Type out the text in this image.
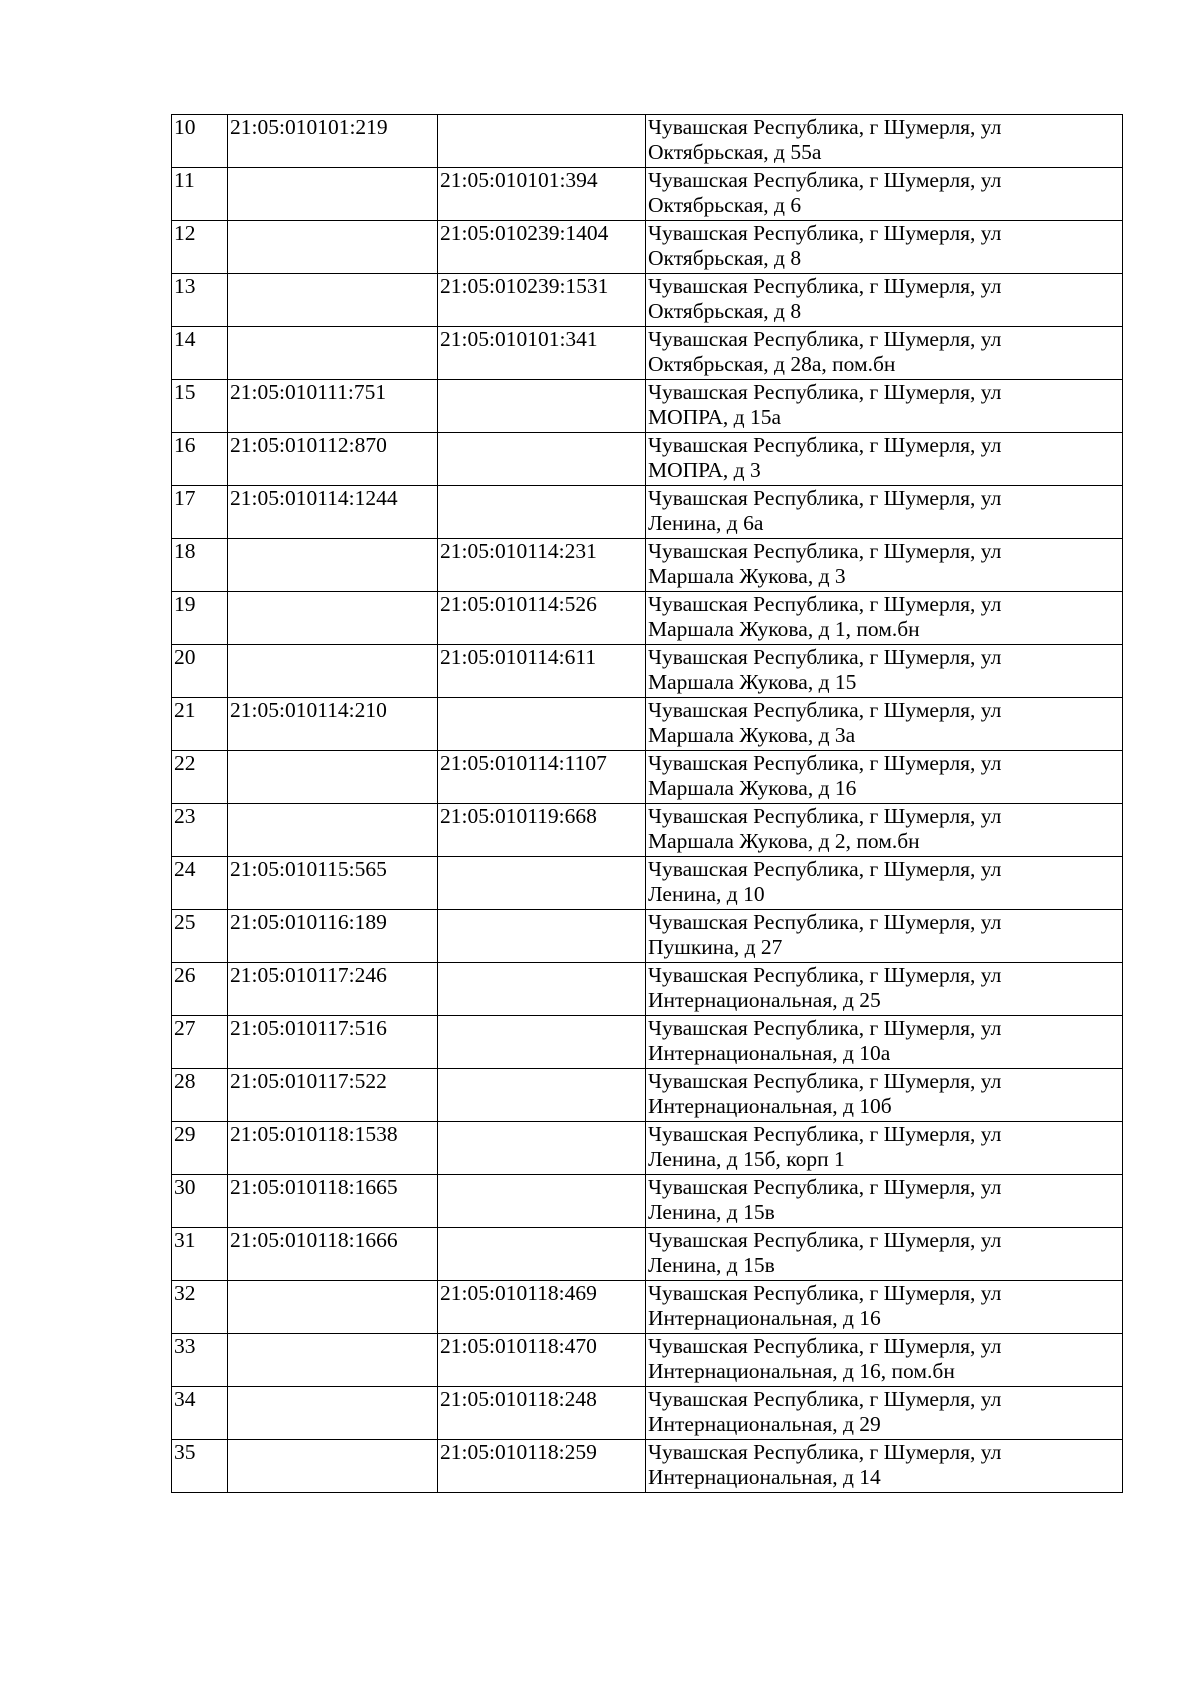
10	21:05:010101:219		Чувашская Республика, г Шумерля, ул
Октябрьская, д 55а

11		21:05:010101:394	Чувашская Республика, г Шумерля, ул
Октябрьская, д 6

12		21:05:010239:1404	Чувашская Республика, г Шумерля, ул
Октябрьская, д 8

13		21:05:010239:1531	Чувашская Республика, г Шумерля, ул
Октябрьская, д 8

14		21:05:010101:341	Чувашская Республика, г Шумерля, ул
Октябрьская, д 28а, пом.бн

15	21:05:010111:751		Чувашская Республика, г Шумерля, ул
МОПРА, д 15а

16	21:05:010112:870		Чувашская Республика, г Шумерля, ул
МОПРА, д 3

17	21:05:010114:1244		Чувашская Республика, г Шумерля, ул
Ленина, д 6а

18		21:05:010114:231	Чувашская Республика, г Шумерля, ул
Маршала Жукова, д 3

19		21:05:010114:526	Чувашская Республика, г Шумерля, ул
Маршала Жукова, д 1, пом.бн

20		21:05:010114:611	Чувашская Республика, г Шумерля, ул
Маршала Жукова, д 15

21	21:05:010114:210		Чувашская Республика, г Шумерля, ул
Маршала Жукова, д 3а

22		21:05:010114:1107	Чувашская Республика, г Шумерля, ул
Маршала Жукова, д 16

23		21:05:010119:668	Чувашская Республика, г Шумерля, ул
Маршала Жукова, д 2, пом.бн

24	21:05:010115:565		Чувашская Республика, г Шумерля, ул
Ленина, д 10

25	21:05:010116:189		Чувашская Республика, г Шумерля, ул
Пушкина, д 27

26	21:05:010117:246		Чувашская Республика, г Шумерля, ул
Интернациональная, д 25

27	21:05:010117:516		Чувашская Республика, г Шумерля, ул
Интернациональная, д 10а

28	21:05:010117:522		Чувашская Республика, г Шумерля, ул
Интернациональная, д 10б

29	21:05:010118:1538		Чувашская Республика, г Шумерля, ул
Ленина, д 15б, корп 1

30	21:05:010118:1665		Чувашская Республика, г Шумерля, ул
Ленина, д 15в

31	21:05:010118:1666		Чувашская Республика, г Шумерля, ул
Ленина, д 15в

32		21:05:010118:469	Чувашская Республика, г Шумерля, ул
Интернациональная, д 16

33		21:05:010118:470	Чувашская Республика, г Шумерля, ул
Интернациональная, д 16, пом.бн

34		21:05:010118:248	Чувашская Республика, г Шумерля, ул
Интернациональная, д 29

35		21:05:010118:259	Чувашская Республика, г Шумерля, ул
Интернациональная, д 14
